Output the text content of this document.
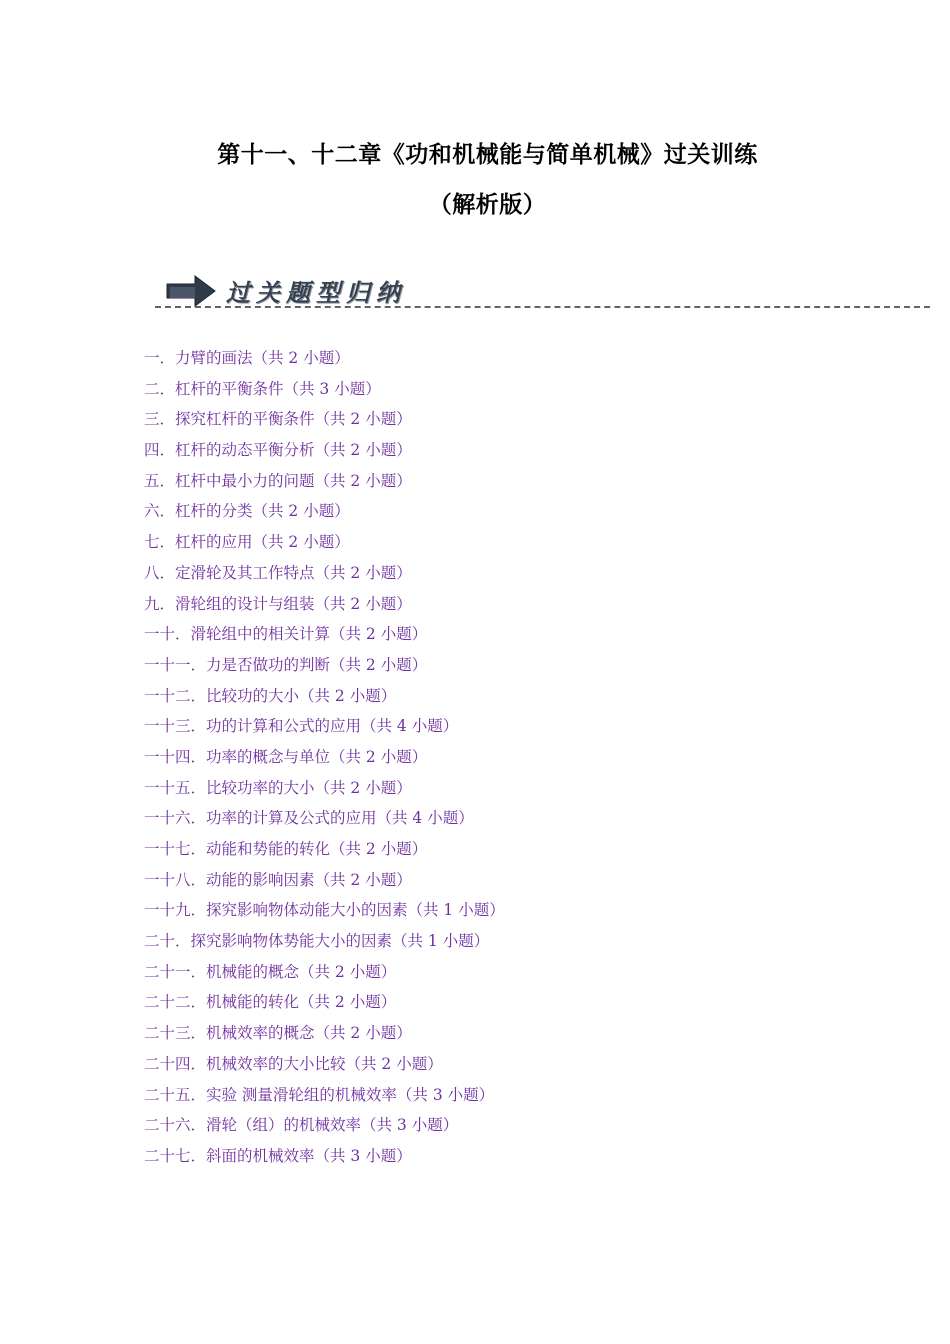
第十一、十二章《功和机械能与简单机械》过关训练
（解析版）
过关题型归纳
一．力臂的画法（共 2 小题）
二．杠杆的平衡条件（共 3 小题）
三．探究杠杆的平衡条件（共 2 小题）
四．杠杆的动态平衡分析（共 2 小题）
五．杠杆中最小力的问题（共 2 小题）
六．杠杆的分类（共 2 小题）
七．杠杆的应用（共 2 小题）
八．定滑轮及其工作特点（共 2 小题）
九．滑轮组的设计与组装（共 2 小题）
一十．滑轮组中的相关计算（共 2 小题）
一十一．力是否做功的判断（共 2 小题）
一十二．比较功的大小（共 2 小题）
一十三．功的计算和公式的应用（共 4 小题）
一十四．功率的概念与单位（共 2 小题）
一十五．比较功率的大小（共 2 小题）
一十六．功率的计算及公式的应用（共 4 小题）
一十七．动能和势能的转化（共 2 小题）
一十八．动能的影响因素（共 2 小题）
一十九．探究影响物体动能大小的因素（共 1 小题）
二十．探究影响物体势能大小的因素（共 1 小题）
二十一．机械能的概念（共 2 小题）
二十二．机械能的转化（共 2 小题）
二十三．机械效率的概念（共 2 小题）
二十四．机械效率的大小比较（共 2 小题）
二十五．实验 测量滑轮组的机械效率（共 3 小题）
二十六．滑轮（组）的机械效率（共 3 小题）
二十七．斜面的机械效率（共 3 小题）
